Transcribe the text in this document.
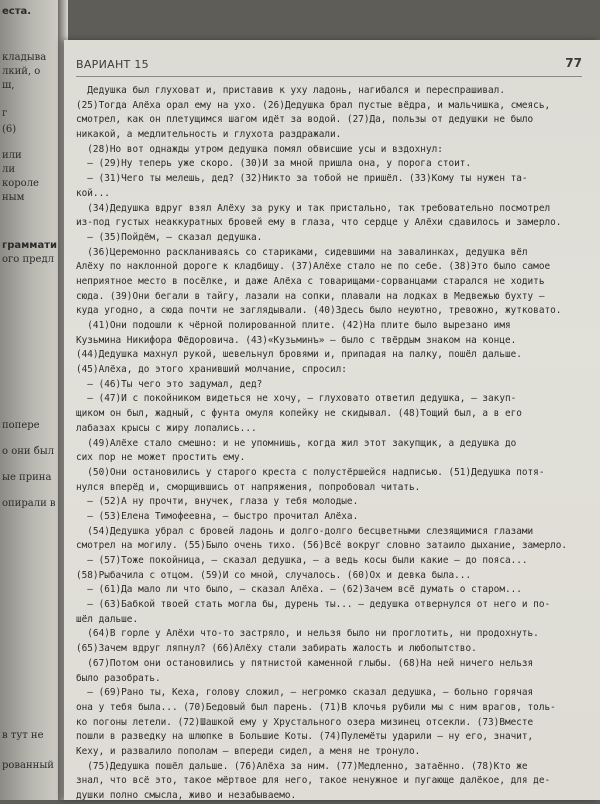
еста.
кладыва
лкий, о
ш,
г
(6)
или
ли
короле
ным
граммати
ого предл
попере
о они был
ые прина
опирали в
в тут не
рованный
ВАРИАНТ 15	77
Дедушка был глуховат и, приставив к уху ладонь, нагибался и переспрашивал.
(25)Тогда Алёха орал ему на ухо. (26)Дедушка брал пустые вёдра, и мальчишка, смеясь,
смотрел, как он плетущимся шагом идёт за водой. (27)Да, пользы от дедушки не было
никакой, а медлительность и глухота раздражали.
(28)Но вот однажды утром дедушка помял обвисшие усы и вздохнул:
— (29)Ну теперь уже скоро. (30)И за мной пришла она, у порога стоит.
— (31)Чего ты мелешь, дед? (32)Никто за тобой не пришёл. (33)Кому ты нужен та-
кой...
(34)Дедушка вдруг взял Алёху за руку и так пристально, так требовательно посмотрел
из-под густых неаккуратных бровей ему в глаза, что сердце у Алёхи сдавилось и замерло.
— (35)Пойдём, — сказал дедушка.
(36)Церемонно раскланиваясь со стариками, сидевшими на завалинках, дедушка вёл
Алёху по наклонной дороге к кладбищу. (37)Алёхе стало не по себе. (38)Это было самое
неприятное место в посёлке, и даже Алёха с товарищами-сорванцами старался не ходить
сюда. (39)Они бегали в тайгу, лазали на сопки, плавали на лодках в Медвежью бухту —
куда угодно, а сюда почти не заглядывали. (40)Здесь было неуютно, тревожно, жутковато.
(41)Они подошли к чёрной полированной плите. (42)На плите было вырезано имя
Кузьмина Никифора Фёдоровича. (43)«Кузьминъ» — было с твёрдым знаком на конце.
(44)Дедушка махнул рукой, шевельнул бровями и, припадая на палку, пошёл дальше.
(45)Алёха, до этого хранивший молчание, спросил:
— (46)Ты чего это задумал, дед?
— (47)И с покойником видеться не хочу, — глуховато ответил дедушка, — закуп-
щиком он был, жадный, с фунта омуля копейку не скидывал. (48)Тощий был, а в его
лабазах крысы с жиру лопались...
(49)Алёхе стало смешно: и не упомнишь, когда жил этот закупщик, а дедушка до
сих пор не может простить ему.
(50)Они остановились у старого креста с полустёршейся надписью. (51)Дедушка потя-
нулся вперёд и, сморщившись от напряжения, попробовал читать.
— (52)А ну прочти, внучек, глаза у тебя молодые.
— (53)Елена Тимофеевна, — быстро прочитал Алёха.
(54)Дедушка убрал с бровей ладонь и долго-долго бесцветными слезящимися глазами
смотрел на могилу. (55)Было очень тихо. (56)Всё вокруг словно затаило дыхание, замерло.
— (57)Тоже покойница, — сказал дедушка, — а ведь косы были какие — до пояса...
(58)Рыбачила с отцом. (59)И со мной, случалось. (60)Ох и девка была...
— (61)Да мало ли что было, — сказал Алёха. — (62)Зачем всё думать о старом...
— (63)Бабкой твоей стать могла бы, дурень ты... — дедушка отвернулся от него и по-
шёл дальше.
(64)В горле у Алёхи что-то застряло, и нельзя было ни проглотить, ни продохнуть.
(65)Зачем вдруг ляпнул? (66)Алёху стали забирать жалость и любопытство.
(67)Потом они остановились у пятнистой каменной глыбы. (68)На ней ничего нельзя
было разобрать.
— (69)Рано ты, Кеха, голову сложил, — негромко сказал дедушка, — больно горячая
она у тебя была... (70)Бедовый был парень. (71)В клочья рубили мы с ним врагов, толь-
ко погоны летели. (72)Шашкой ему у Хрустального озера мизинец отсекли. (73)Вместе
пошли в разведку на шлюпке в Большие Коты. (74)Пулемёты ударили — ну его, значит,
Кеху, и развалило пополам — впереди сидел, а меня не тронуло.
(75)Дедушка пошёл дальше. (76)Алёха за ним. (77)Медленно, затаённо. (78)Кто же
знал, что всё это, такое мёртвое для него, такое ненужное и пугающе далёкое, для де-
душки полно смысла, живо и незабываемо.
